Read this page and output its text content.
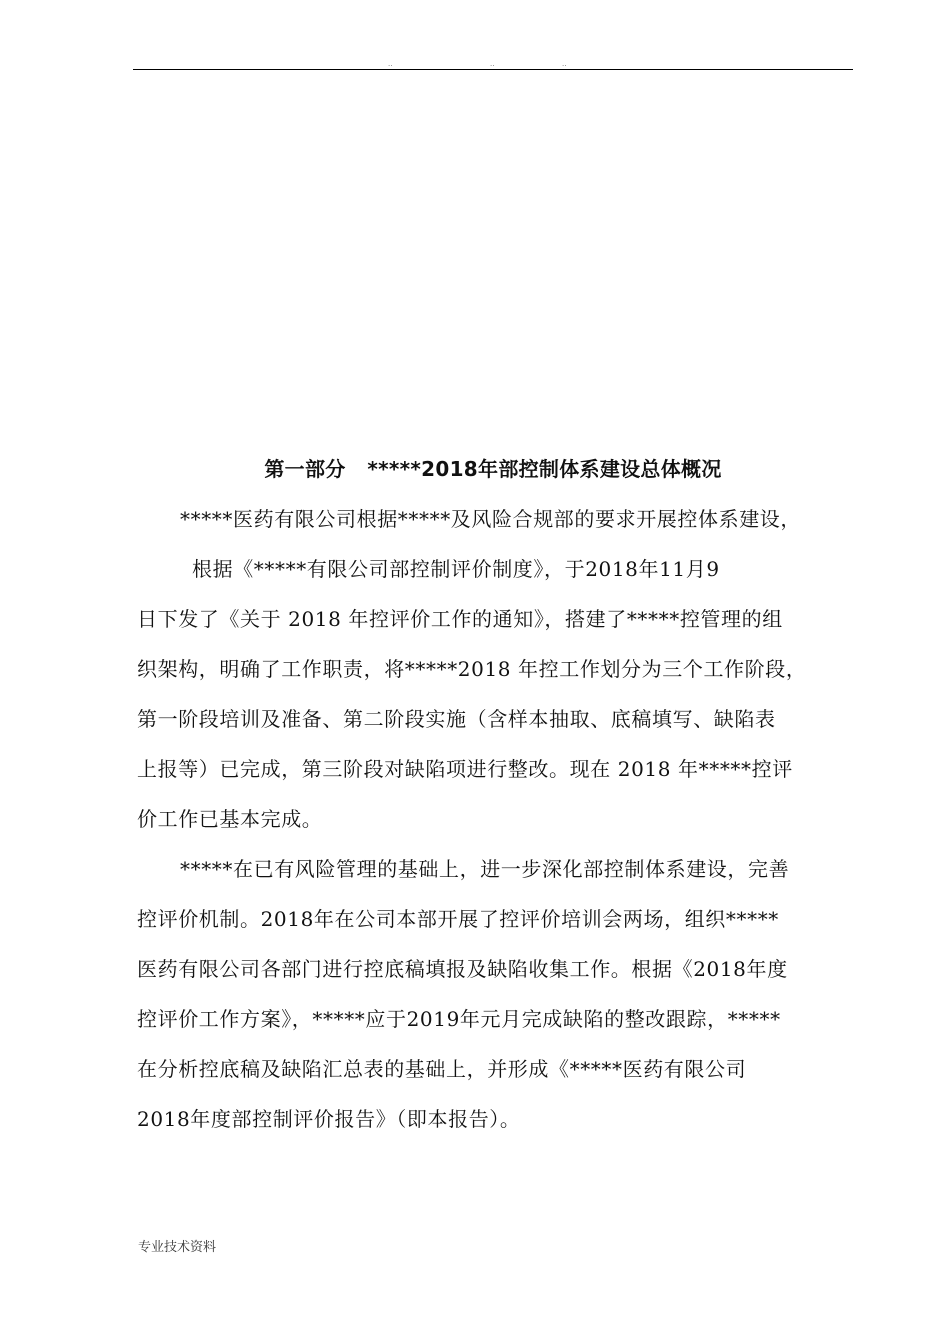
..	..	..
第一部分   *****2018年部控制体系建设总体概况
*****医药有限公司根据*****及风险合规部的要求开展控体系建设，
根据《*****有限公司部控制评价制度》，于2018年11月9
日下发了《关于 2018 年控评价工作的通知》，搭建了*****控管理的组
织架构，明确了工作职责，将*****2018 年控工作划分为三个工作阶段，
第一阶段培训及准备、第二阶段实施（含样本抽取、底稿填写、缺陷表
上报等）已完成，第三阶段对缺陷项进行整改。现在 2018 年*****控评
价工作已基本完成。
*****在已有风险管理的基础上，进一步深化部控制体系建设，完善
控评价机制。2018年在公司本部开展了控评价培训会两场，组织*****
医药有限公司各部门进行控底稿填报及缺陷收集工作。根据《2018年度
控评价工作方案》，*****应于2019年元月完成缺陷的整改跟踪，*****
在分析控底稿及缺陷汇总表的基础上，并形成《*****医药有限公司
2018年度部控制评价报告》（即本报告）。
专业技术资料
